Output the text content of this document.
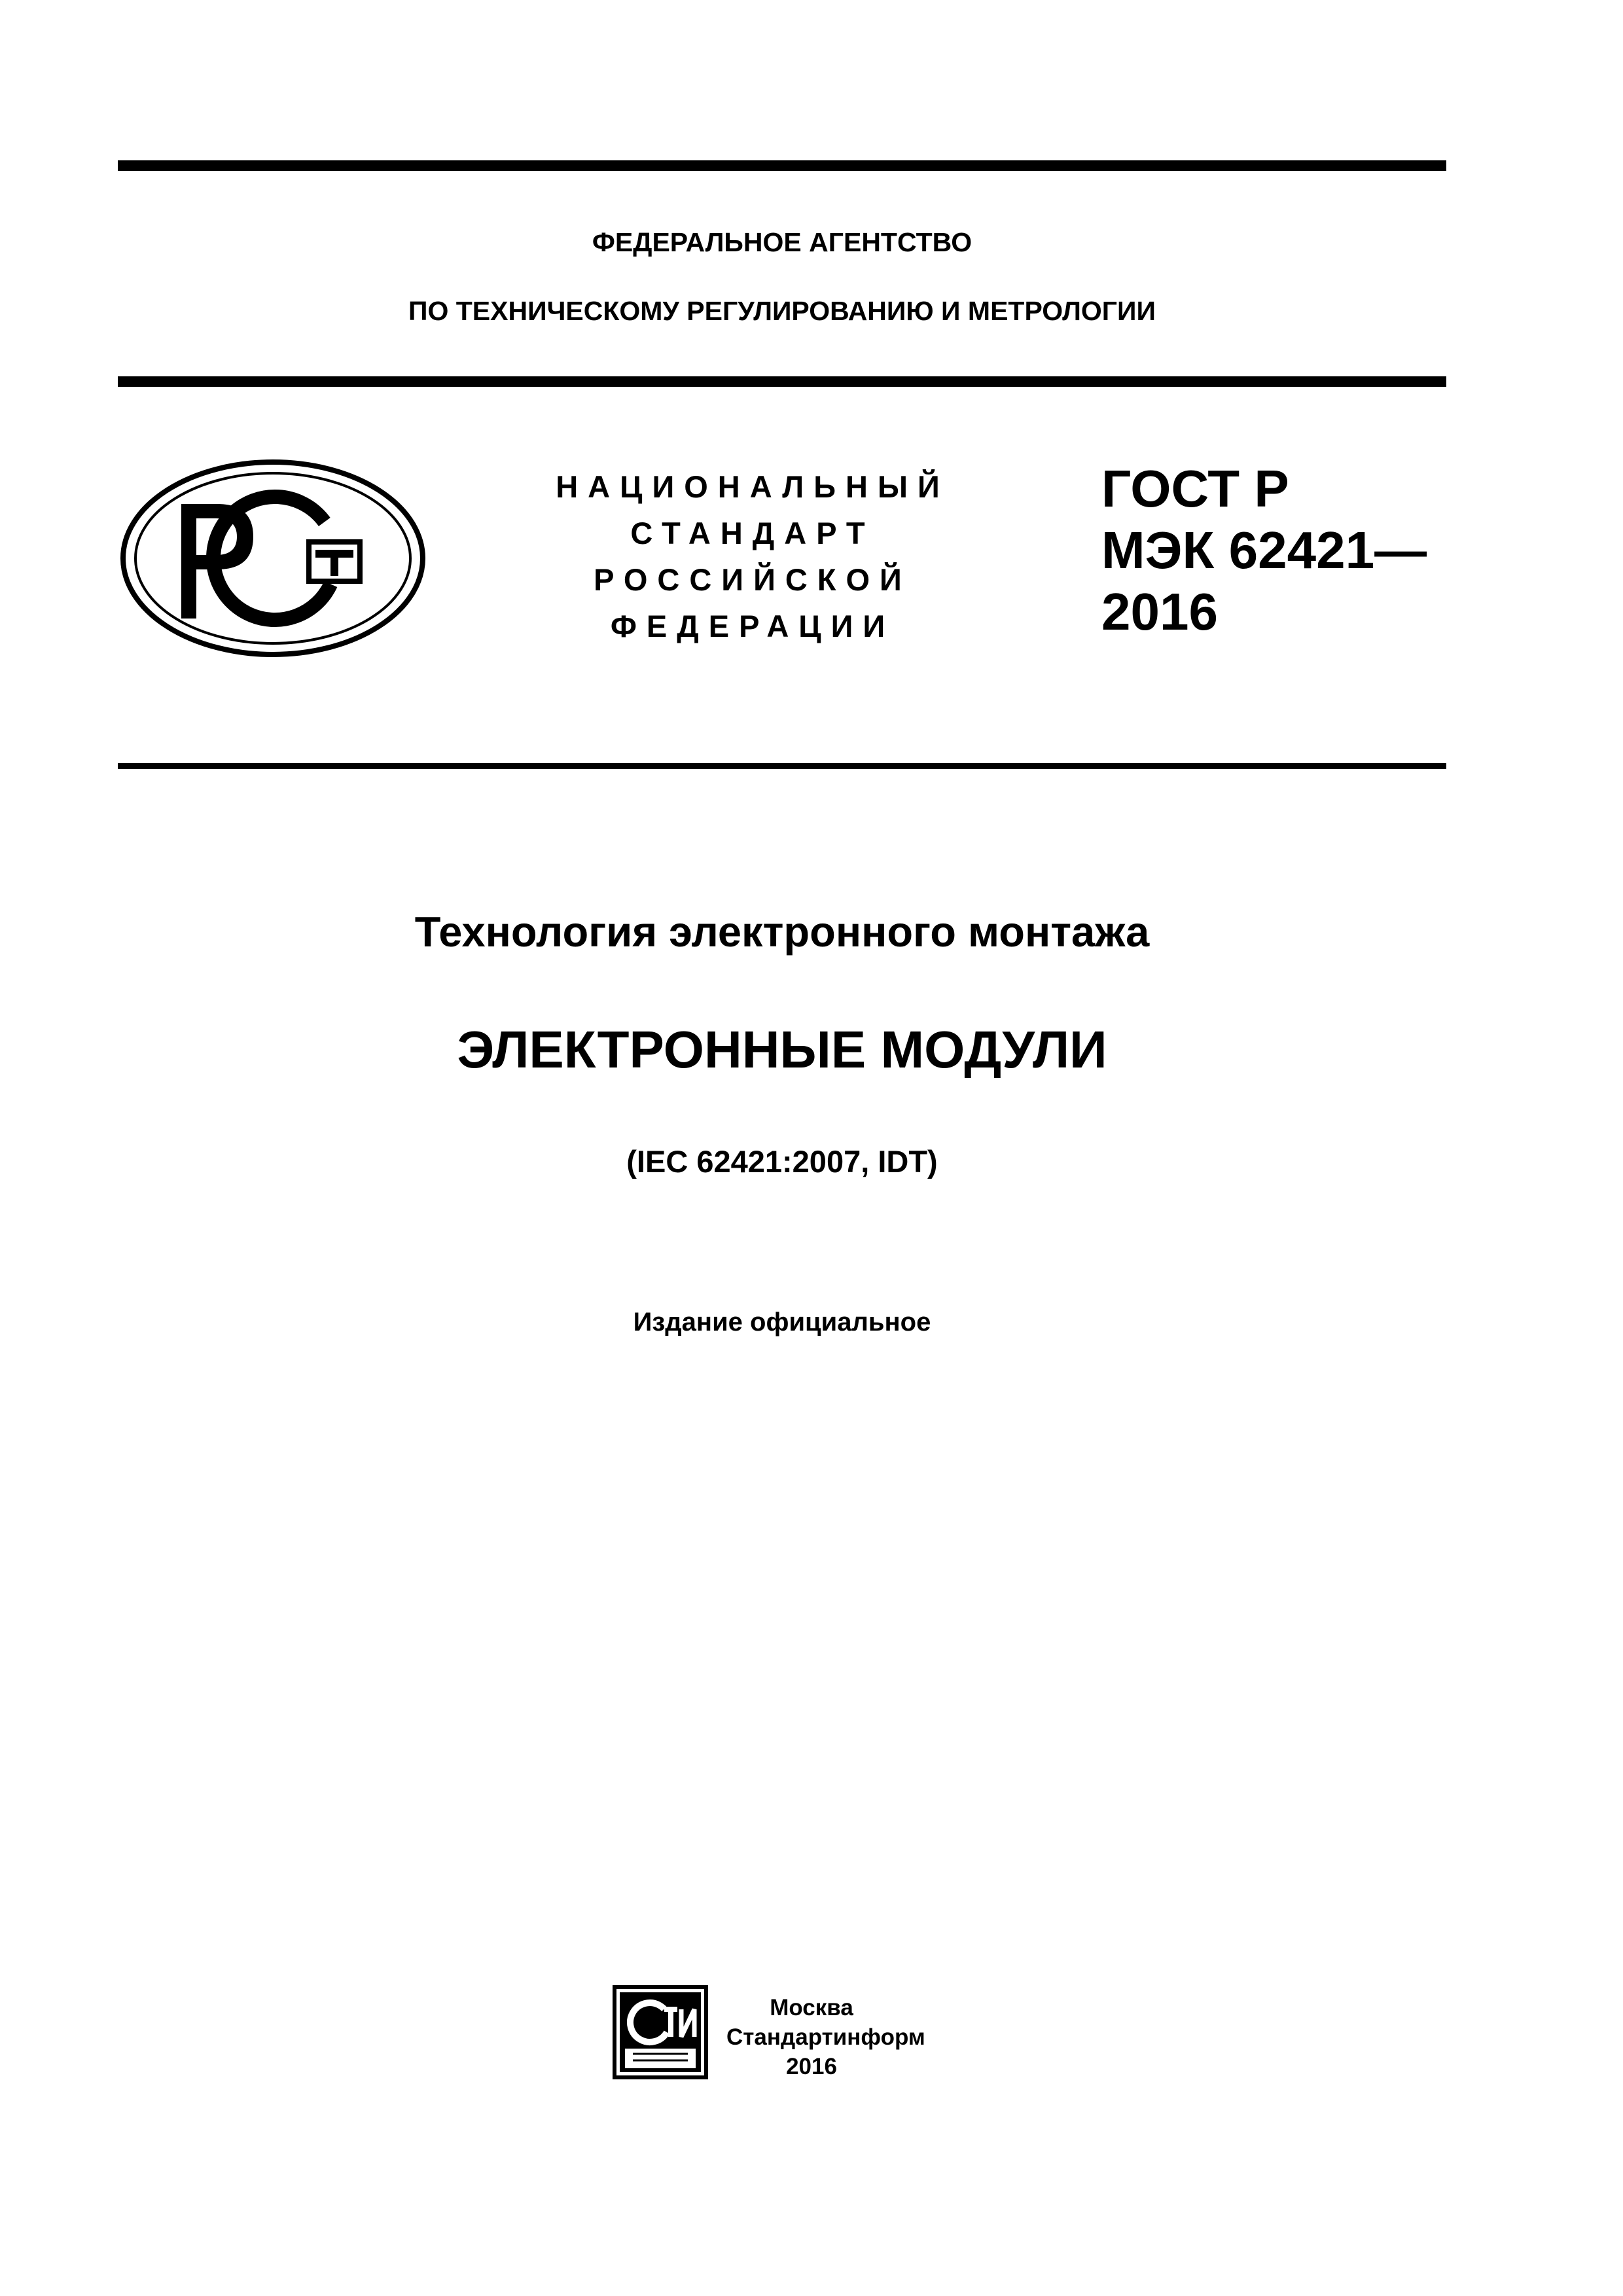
ФЕДЕРАЛЬНОЕ АГЕНТСТВО
ПО ТЕХНИЧЕСКОМУ РЕГУЛИРОВАНИЮ И МЕТРОЛОГИИ
НАЦИОНАЛЬНЫЙ
СТАНДАРТ
РОССИЙСКОЙ
ФЕДЕРАЦИИ
ГОСТ Р
МЭК 62421—
2016
Технология электронного монтажа
ЭЛЕКТРОННЫЕ МОДУЛИ
(IEC 62421:2007, IDT)
Издание официальное
Москва
Стандартинформ
2016
